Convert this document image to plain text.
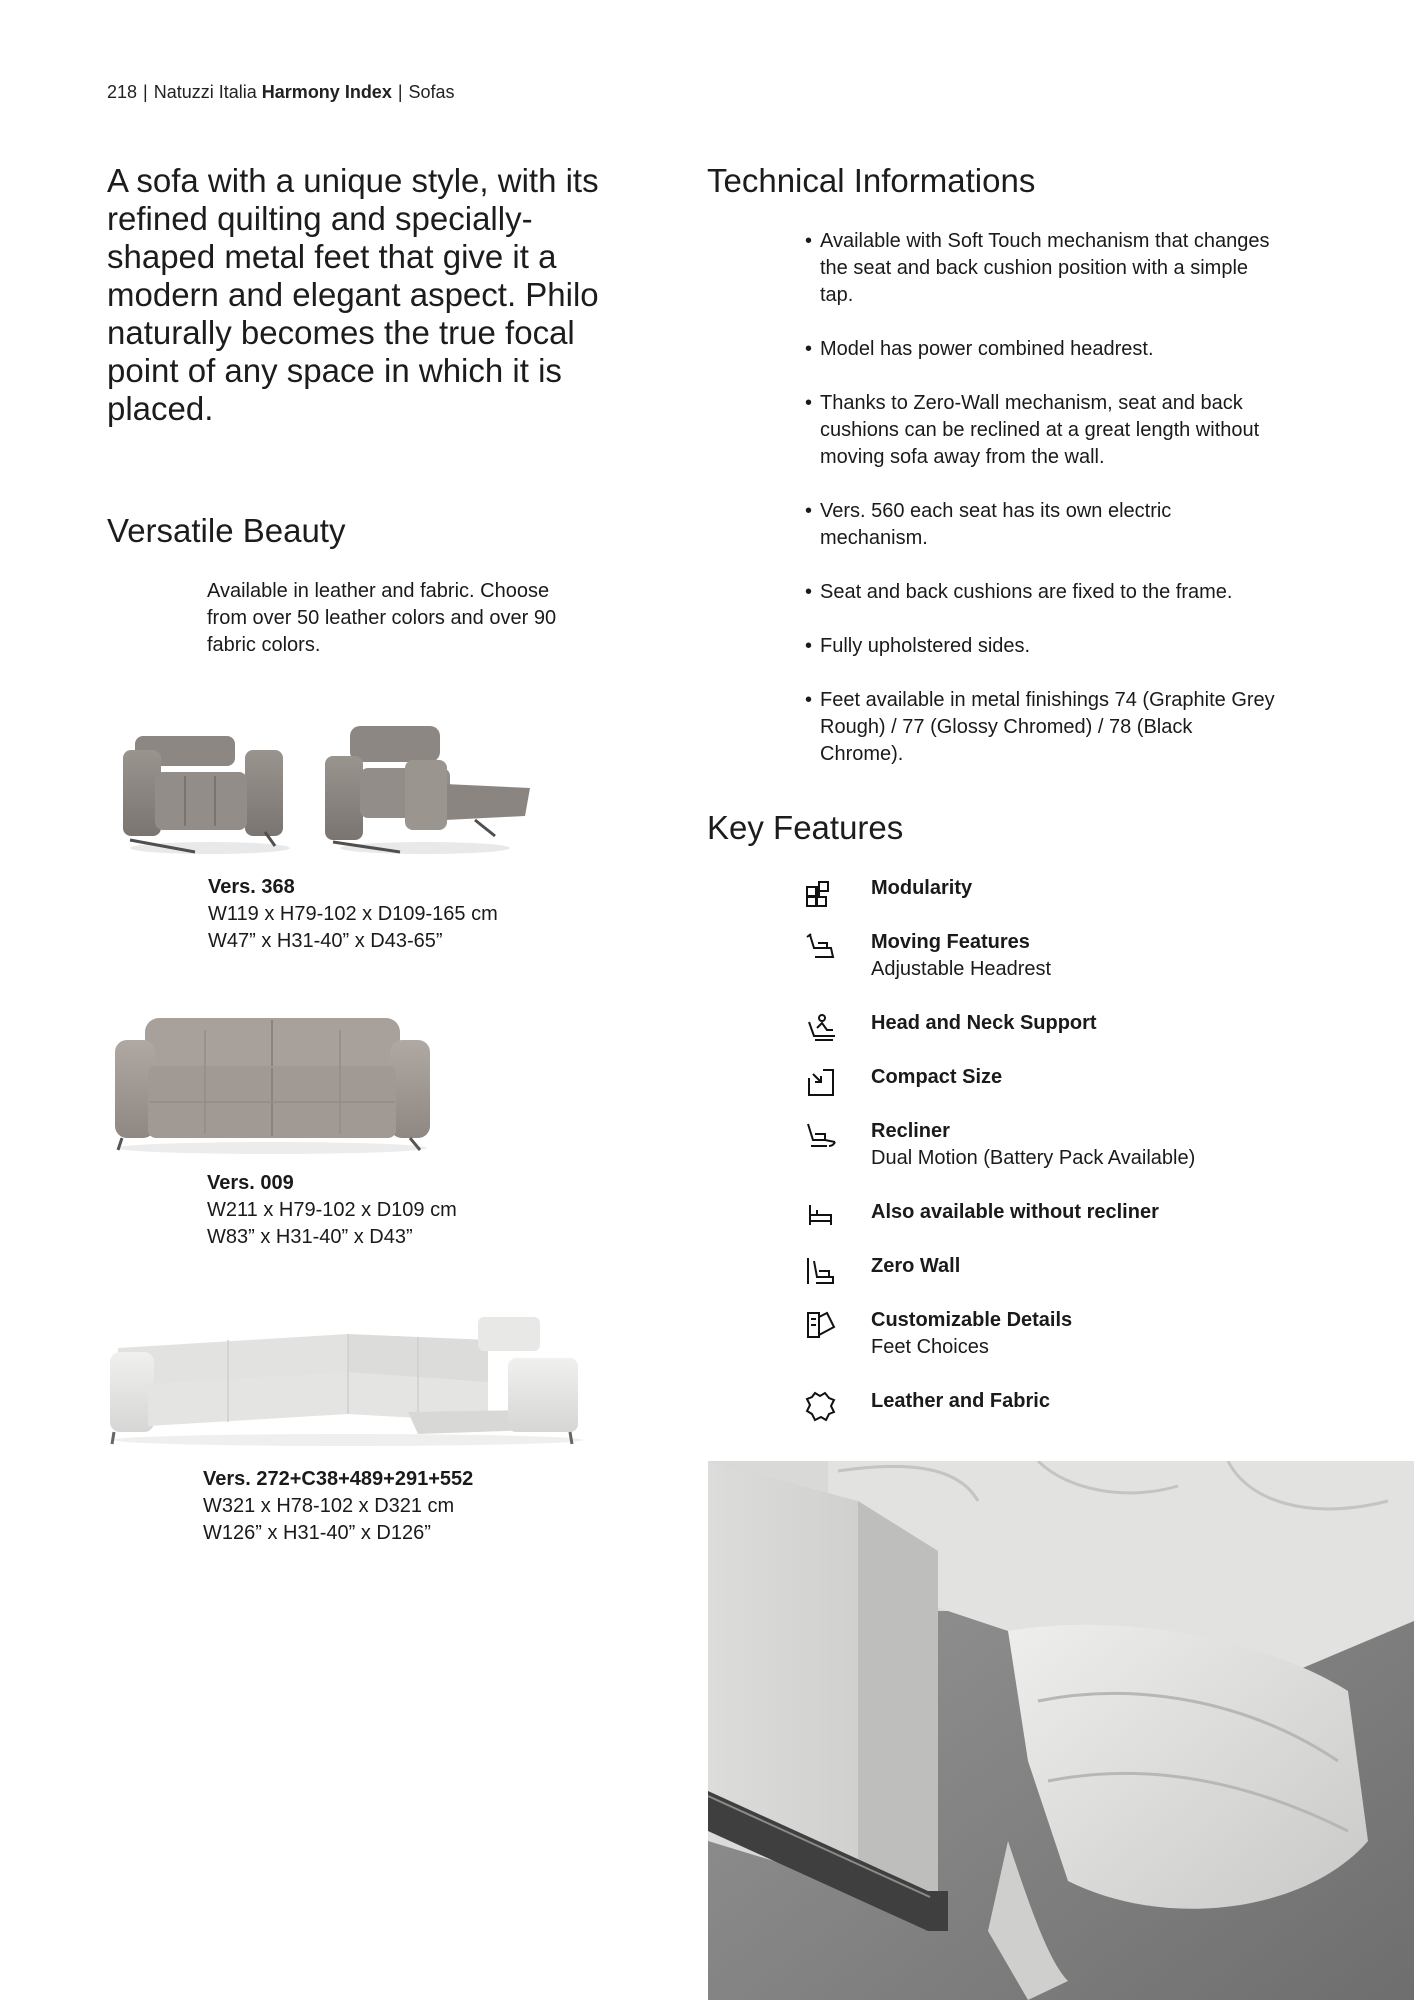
218 | Natuzzi Italia Harmony Index | Sofas
A sofa with a unique style, with its refined quilting and specially-shaped metal feet that give it a modern and elegant aspect. Philo naturally becomes the true focal point of any space in which it is placed.
Versatile Beauty
Available in leather and fabric. Choose from over 50 leather colors and over 90 fabric colors.
Vers. 368
W119 x H79-102 x D109-165 cm
W47” x H31-40” x D43-65”
Vers. 009
W211 x H79-102 x D109 cm
W83” x H31-40” x D43”
Vers. 272+C38+489+291+552
W321 x H78-102 x D321 cm
W126” x H31-40” x D126”
Technical Informations
• Available with Soft Touch mechanism that changes the seat and back cushion position with a simple tap.
• Model has power combined headrest.
• Thanks to Zero-Wall mechanism, seat and back cushions can be reclined at a great length without moving sofa away from the wall.
• Vers. 560 each seat has its own electric mechanism.
• Seat and back cushions are fixed to the frame.
• Fully upholstered sides.
• Feet available in metal finishings 74 (Graphite Grey Rough) / 77 (Glossy Chromed) / 78 (Black Chrome).
Key Features
Modularity
Moving Features
Adjustable Headrest
Head and Neck Support
Compact Size
Recliner
Dual Motion (Battery Pack Available)
Also available without recliner
Zero Wall
Customizable Details
Feet Choices
Leather and Fabric
